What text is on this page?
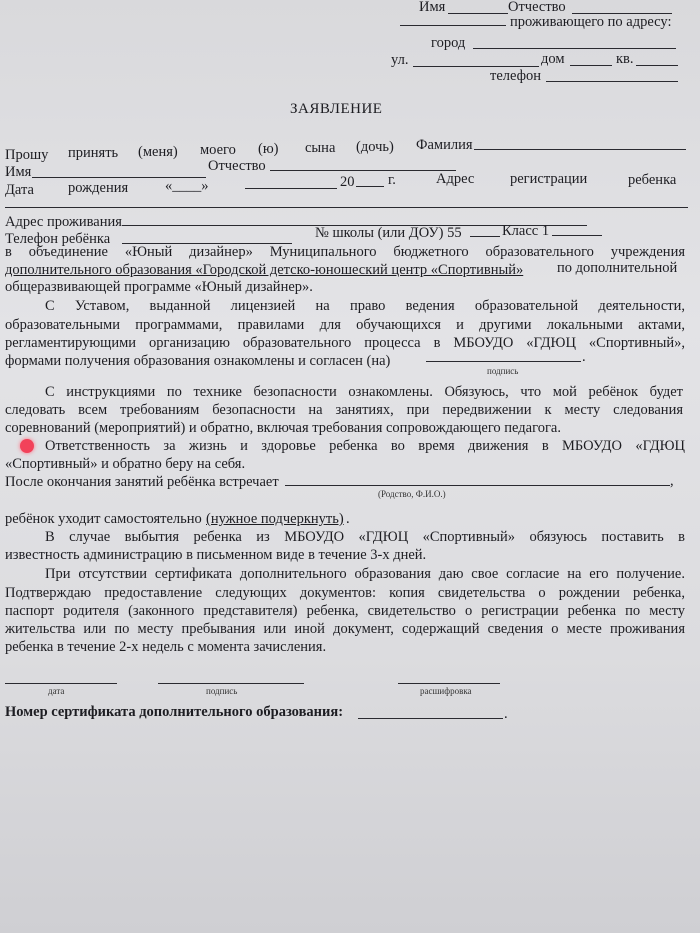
Имя	Отчество
проживающего по адресу:
город
ул.	дом	кв.
телефон
ЗАЯВЛЕНИЕ
Прошу принять (меня) моего (ю) сына (дочь) Фамилия
Имя	Отчество
Дата рождения	«____»	20 г.	Адрес регистрации	ребенка
Адрес проживания
Телефон ребёнка	№ школы (или ДОУ) 55	Класс 1
в объединение «Юный дизайнер» Муниципального бюджетного образовательного учреждения
дополнительного образования «Городской детско-юношеский центр «Спортивный» по дополнительной
общеразвивающей программе «Юный дизайнер».
С Уставом, выданной лицензией на право ведения образовательной деятельности,
образовательными программами, правилами для обучающихся и другими локальными актами,
регламентирующими организацию образовательного процесса в МБОУДО «ГДЮЦ «Спортивный»,
формами получения образования ознакомлены и согласен (на)	.
подпись
С инструкциями по технике безопасности ознакомлены. Обязуюсь, что мой ребёнок будет
следовать всем требованиям безопасности на занятиях, при передвижении к месту следования
соревнований (мероприятий) и обратно, включая требования сопровождающего педагога.
Ответственность за жизнь и здоровье ребенка во время движения в МБОУДО «ГДЮЦ
«Спортивный» и обратно беру на себя.
После окончания занятий ребёнка встречает	,
(Родство, Ф.И.О.)
ребёнок уходит самостоятельно (нужное подчеркнуть) .
В случае выбытия ребенка из МБОУДО «ГДЮЦ «Спортивный» обязуюсь поставить в
известность администрацию в письменном виде в течение 3-х дней.
При отсутствии сертификата дополнительного образования даю свое согласие на его получение.
Подтверждаю предоставление следующих документов: копия свидетельства о рождении ребенка,
паспорт родителя (законного представителя) ребенка, свидетельство о регистрации ребенка по месту
жительства или по месту пребывания или иной документ, содержащий сведения о месте проживания
ребенка в течение 2-х недель с момента зачисления.
дата	подпись	расшифровка
Номер сертификата дополнительного образования:	.
